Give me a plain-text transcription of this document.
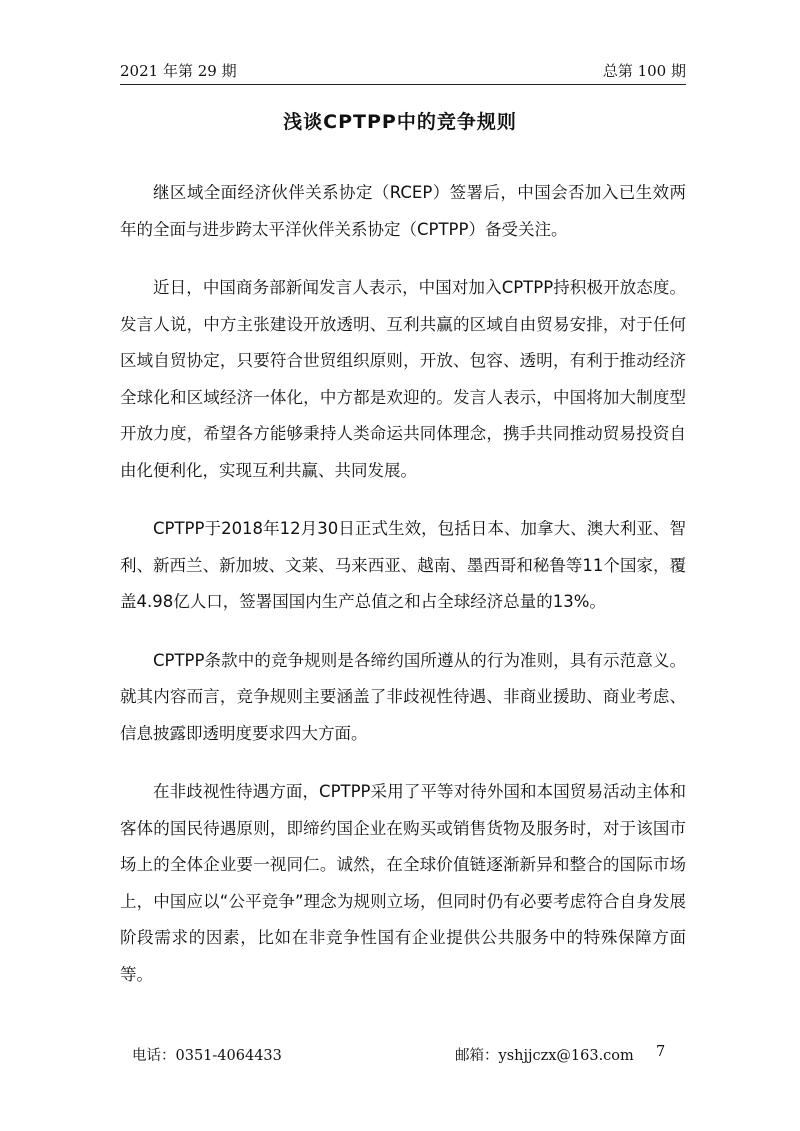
2021 年第 29 期	总第 100 期
浅谈CPTPP中的竞争规则

继区域全面经济伙伴关系协定（RCEP）签署后，中国会否加入已生效两年的全面与进步跨太平洋伙伴关系协定（CPTPP）备受关注。

近日，中国商务部新闻发言人表示，中国对加入CPTPP持积极开放态度。发言人说，中方主张建设开放透明、互利共赢的区域自由贸易安排，对于任何区域自贸协定，只要符合世贸组织原则，开放、包容、透明，有利于推动经济全球化和区域经济一体化，中方都是欢迎的。发言人表示，中国将加大制度型开放力度，希望各方能够秉持人类命运共同体理念，携手共同推动贸易投资自由化便利化，实现互利共赢、共同发展。

CPTPP于2018年12月30日正式生效，包括日本、加拿大、澳大利亚、智利、新西兰、新加坡、文莱、马来西亚、越南、墨西哥和秘鲁等11个国家，覆盖4.98亿人口，签署国国内生产总值之和占全球经济总量的13%。

CPTPP条款中的竞争规则是各缔约国所遵从的行为准则，具有示范意义。就其内容而言，竞争规则主要涵盖了非歧视性待遇、非商业援助、商业考虑、信息披露即透明度要求四大方面。

在非歧视性待遇方面，CPTPP采用了平等对待外国和本国贸易活动主体和客体的国民待遇原则，即缔约国企业在购买或销售货物及服务时，对于该国市场上的全体企业要一视同仁。诚然，在全球价值链逐渐新异和整合的国际市场上，中国应以“公平竞争”理念为规则立场，但同时仍有必要考虑符合自身发展阶段需求的因素，比如在非竞争性国有企业提供公共服务中的特殊保障方面等。

电话：0351-4064433	邮箱：yshjjczx@163.com 7
